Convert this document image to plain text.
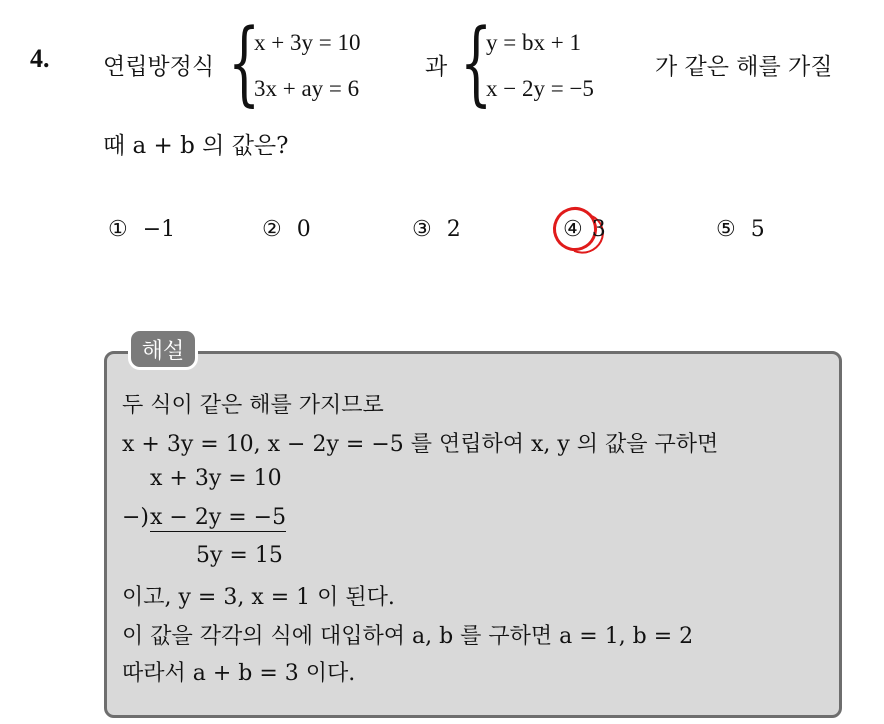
4. 연립방정식 {
x + 3y = 10
3x + ay = 6
과 {
y = bx + 1
x − 2y = −5
가 같은 해를 가질
때 a + b 의 값은?
① −1	② 0	③ 2	④ 3	⑤ 5
해설
두 식이 같은 해를 가지므로
x + 3y = 10, x − 2y = −5 를 연립하여 x, y 의 값을 구하면
x + 3y = 10
−) x − 2y = −5
5y = 15
이고, y = 3, x = 1 이 된다.
이 값을 각각의 식에 대입하여 a, b 를 구하면 a = 1, b = 2
따라서 a + b = 3 이다.
